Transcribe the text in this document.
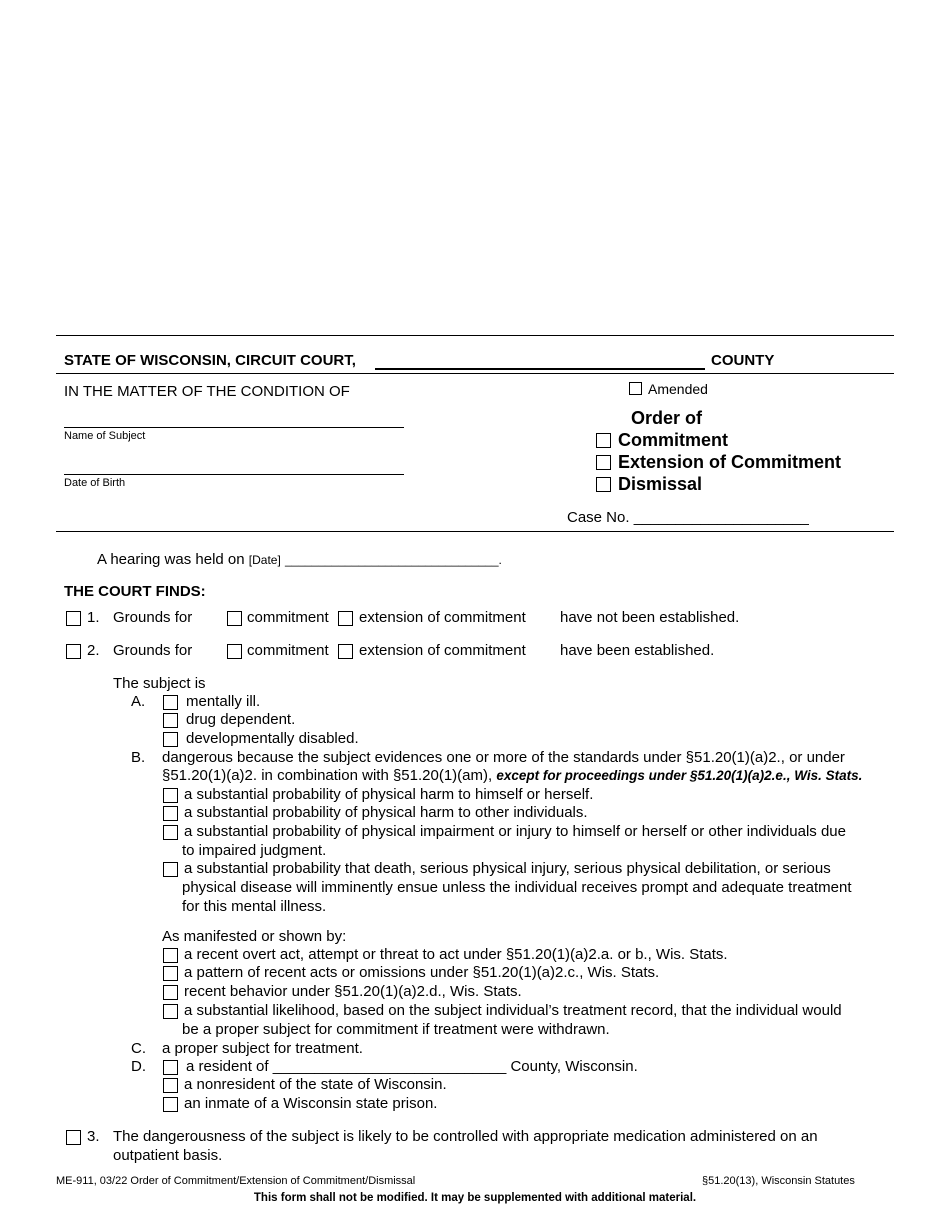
STATE OF WISCONSIN, CIRCUIT COURT,	COUNTY
IN THE MATTER OF THE CONDITION OF
Name of Subject
Date of Birth
Amended
Order of
Commitment
Extension of Commitment
Dismissal
Case No. _____________________
A hearing was held on [Date] ________________________________.
THE COURT FINDS:
1. Grounds for	commitment extension of commitment have not been established.
2. Grounds for	commitment extension of commitment have been established.
The subject is
A.	mentally ill.
drug dependent.
developmentally disabled.
B. dangerous because the subject evidences one or more of the standards under §51.20(1)(a)2., or under
§51.20(1)(a)2. in combination with §51.20(1)(am), except for proceedings under §51.20(1)(a)2.e., Wis. Stats.
a substantial probability of physical harm to himself or herself.
a substantial probability of physical harm to other individuals.
a substantial probability of physical impairment or injury to himself or herself or other individuals due
to impaired judgment.
a substantial probability that death, serious physical injury, serious physical debilitation, or serious
physical disease will imminently ensue unless the individual receives prompt and adequate treatment
for this mental illness.
As manifested or shown by:
a recent overt act, attempt or threat to act under §51.20(1)(a)2.a. or b., Wis. Stats.
a pattern of recent acts or omissions under §51.20(1)(a)2.c., Wis. Stats.
recent behavior under §51.20(1)(a)2.d., Wis. Stats.
a substantial likelihood, based on the subject individual’s treatment record, that the individual would
be a proper subject for commitment if treatment were withdrawn.
C. a proper subject for treatment.
D.	a resident of ____________________________ County, Wisconsin.
a nonresident of the state of Wisconsin.
an inmate of a Wisconsin state prison.
3. The dangerousness of the subject is likely to be controlled with appropriate medication administered on an
outpatient basis.
ME-911, 03/22 Order of Commitment/Extension of Commitment/Dismissal	§51.20(13), Wisconsin Statutes
This form shall not be modified. It may be supplemented with additional material.
